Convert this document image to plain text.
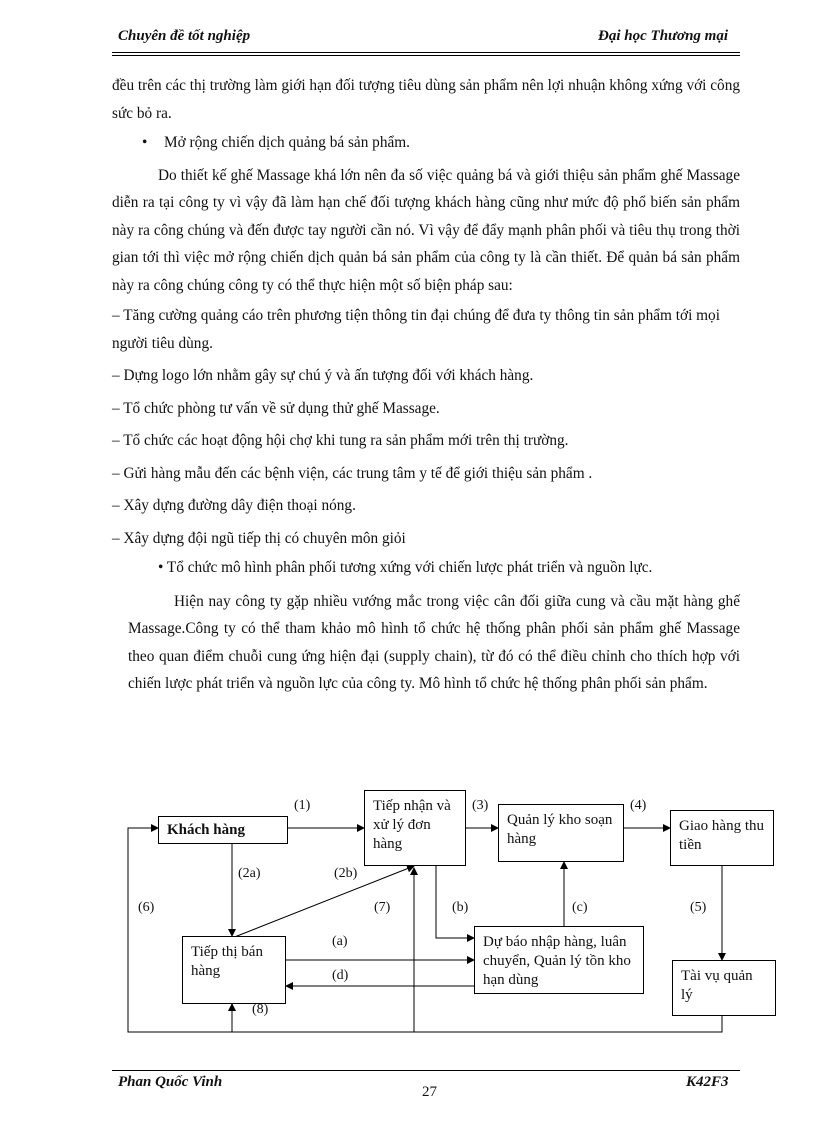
Chuyên đề tốt nghiệp	Đại học Thương mại

đều trên các thị trường làm giới hạn đối tượng tiêu dùng sản phẩm nên lợi nhuận không xứng với công sức bỏ ra.

• Mở rộng chiến dịch quảng bá sản phẩm.

Do thiết kế ghế Massage khá lớn nên đa số việc quảng bá và giới thiệu sản phẩm ghế Massage diễn ra tại công ty vì vậy đã làm hạn chế đối tượng khách hàng cũng như mức độ phổ biến sản phẩm này ra công chúng và đến được tay người cần nó. Vì vậy để đẩy mạnh phân phối và tiêu thụ trong thời gian tới thì việc mở rộng chiến dịch quản bá sản phẩm của công ty là cần thiết. Để quản bá sản phẩm này ra công chúng công ty có thể thực hiện một số biện pháp sau:

– Tăng cường quảng cáo trên phương tiện thông tin đại chúng để đưa ty thông tin sản phẩm tới mọi người tiêu dùng.

– Dựng logo lớn nhằm gây sự chú ý và ấn tượng đối với khách hàng.

– Tổ chức phòng tư vấn về sử dụng thử ghế Massage.

– Tổ chức các hoạt động hội chợ khi tung ra sản phẩm mới trên thị trường.

– Gửi hàng mẫu đến các bệnh viện, các trung tâm y tế để giới thiệu sản phẩm .

– Xây dựng đường dây điện thoại nóng.

– Xây dựng đội ngũ tiếp thị có chuyên môn giỏi

• Tổ chức mô hình phân phối tương xứng với chiến lược phát triển và nguồn lực.

Hiện nay công ty gặp nhiều vướng mắc trong việc cân đối giữa cung và cầu mặt hàng ghế Massage.Công ty có thể tham khảo mô hình tổ chức hệ thống phân phối sản phẩm ghế Massage theo quan điểm chuỗi cung ứng hiện đại (supply chain), từ đó có thể điều chỉnh cho thích hợp với chiến lược phát triển và nguồn lực của công ty. Mô hình tổ chức hệ thống phân phối sản phẩm.

Khách hàng
Tiếp nhận và xử lý đơn hàng
Quản lý kho soạn hàng
Giao hàng thu tiền
Tiếp thị bán hàng
Dự báo nhập hàng, luân chuyển, Quản lý tồn kho hạn dùng	Tài vụ quản lý
(1)	(3)	(4)
(2a)	(2b)
(6)	(7)	(b)	(c)	(5)
(a)
(d)
(8)
Phan Quốc Vinh
27
K42F3
